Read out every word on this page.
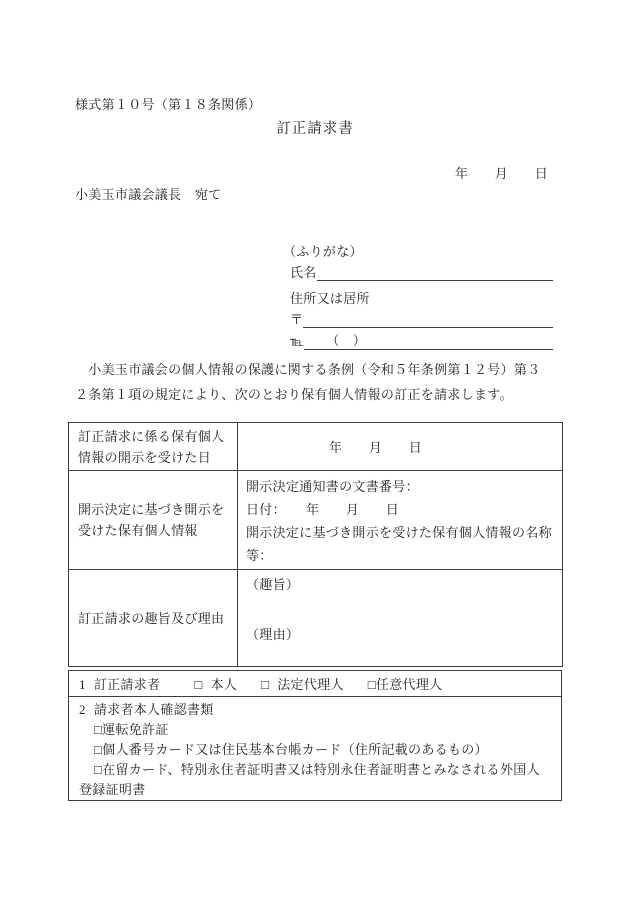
様式第１０号（第１８条関係）
訂正請求書
年　　月　　日
小美玉市議会議長　宛て
（ふりがな）
氏名
住所又は居所
〒
℡ （　）
　小美玉市議会の個人情報の保護に関する条例（令和５年条例第１２号）第３
２条第１項の規定により、次のとおり保有個人情報の訂正を請求します。
訂正請求に係る保有個人情報の開示を受けた日	年　　月　　日
開示決定に基づき開示を受けた保有個人情報	開示決定通知書の文書番号：
日付：　　年　　月　　日
開示決定に基づき開示を受けた保有個人情報の名称等：

訂正請求の趣旨及び理由	（趣旨）
（理由）
1 訂正請求者	□ 本人 □ 法定代理人 □任意代理人

2 請求者本人確認書類
□運転免許証
□個人番号カード又は住民基本台帳カード（住所記載のあるもの）
□在留カード、特別永住者証明書又は特別永住者証明書とみなされる外国人
登録証明書
